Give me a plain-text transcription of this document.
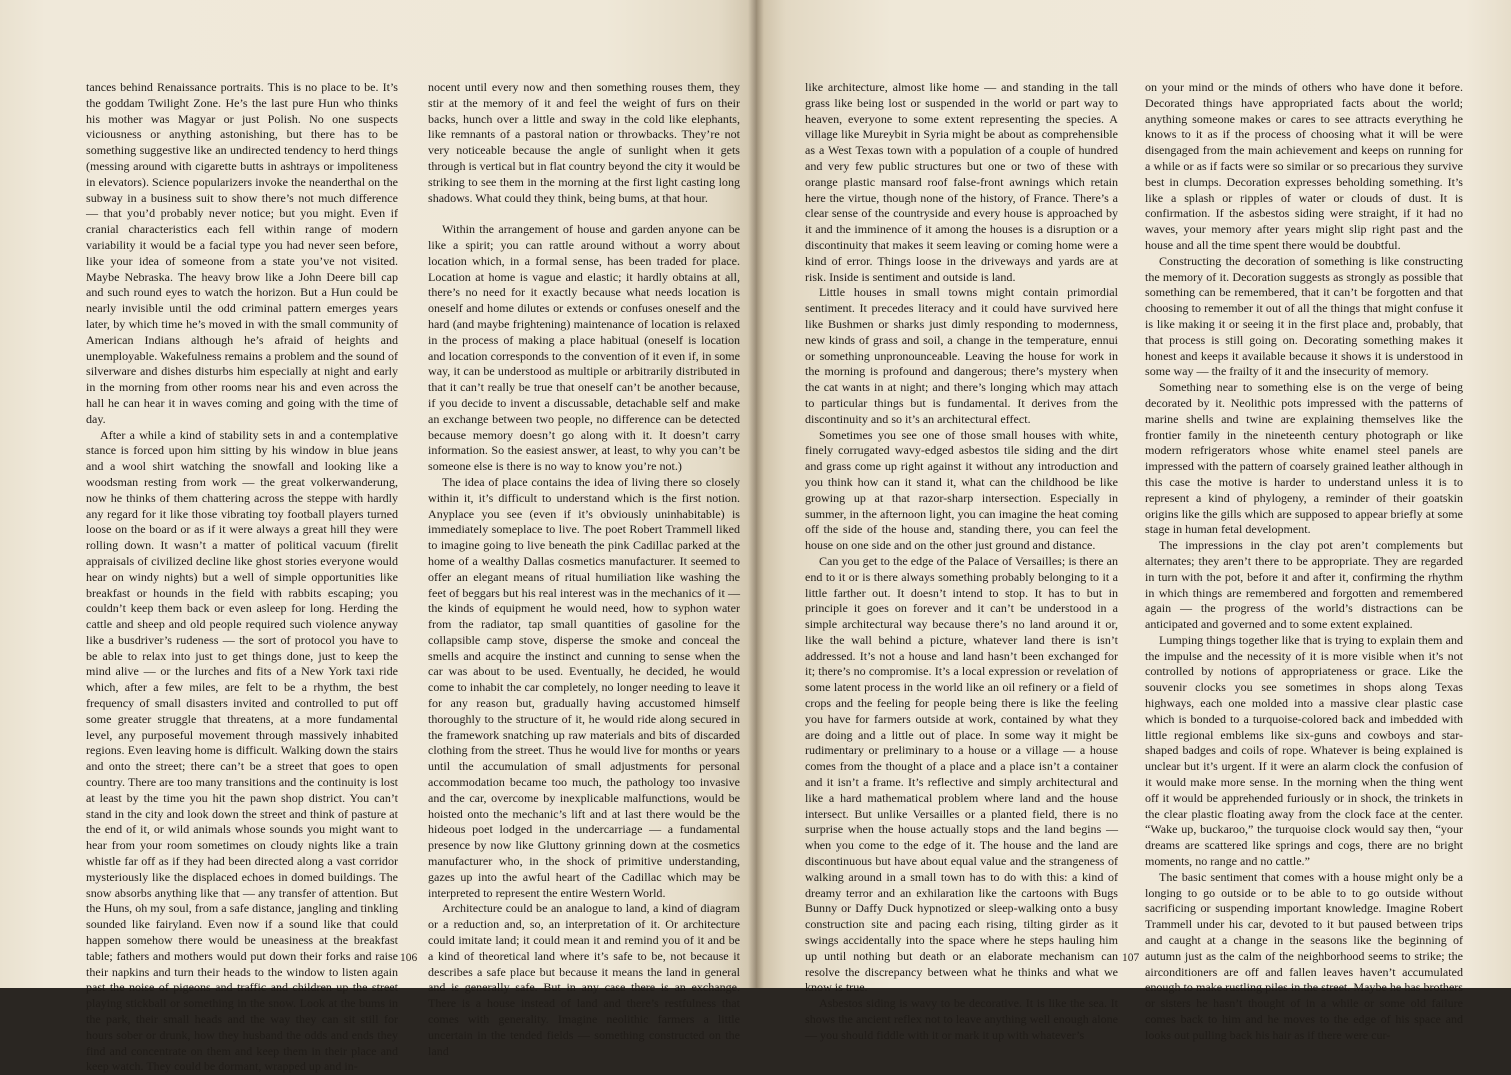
tances behind Renaissance portraits. This is no place to be. It’s the goddam Twilight Zone. He’s the last pure Hun who thinks his mother was Magyar or just Polish. No one suspects viciousness or anything astonishing, but there has to be something suggestive like an undirected tendency to herd things (messing around with cigarette butts in ashtrays or impoliteness in elevators). Science popularizers invoke the neanderthal on the subway in a business suit to show there’s not much difference — that you’d probably never notice; but you might. Even if cranial characteristics each fell within range of modern variability it would be a facial type you had never seen before, like your idea of someone from a state you’ve not visited. Maybe Nebraska. The heavy brow like a John Deere bill cap and such round eyes to watch the horizon. But a Hun could be nearly invisible until the odd criminal pattern emerges years later, by which time he’s moved in with the small community of American Indians although he’s afraid of heights and unemployable. Wakefulness remains a problem and the sound of silverware and dishes disturbs him especially at night and early in the morning from other rooms near his and even across the hall he can hear it in waves coming and going with the time of day.

After a while a kind of stability sets in and a contemplative stance is forced upon him sitting by his window in blue jeans and a wool shirt watching the snowfall and looking like a woodsman resting from work — the great volkerwanderung, now he thinks of them chattering across the steppe with hardly any regard for it like those vibrating toy football players turned loose on the board or as if it were always a great hill they were rolling down. It wasn’t a matter of political vacuum (firelit appraisals of civilized decline like ghost stories everyone would hear on windy nights) but a well of simple opportunities like breakfast or hounds in the field with rabbits escaping; you couldn’t keep them back or even asleep for long. Herding the cattle and sheep and old people required such violence anyway like a busdriver’s rudeness — the sort of protocol you have to be able to relax into just to get things done, just to keep the mind alive — or the lurches and fits of a New York taxi ride which, after a few miles, are felt to be a rhythm, the best frequency of small disasters invited and controlled to put off some greater struggle that threatens, at a more fundamental level, any purposeful movement through massively inhabited regions. Even leaving home is difficult. Walking down the stairs and onto the street; there can’t be a street that goes to open country. There are too many transitions and the continuity is lost at least by the time you hit the pawn shop district. You can’t stand in the city and look down the street and think of pasture at the end of it, or wild animals whose sounds you might want to hear from your room sometimes on cloudy nights like a train whistle far off as if they had been directed along a vast corridor mysteriously like the displaced echoes in domed buildings. The snow absorbs anything like that — any transfer of attention. But the Huns, oh my soul, from a safe distance, jangling and tinkling sounded like fairyland. Even now if a sound like that could happen somehow there would be uneasiness at the breakfast table; fathers and mothers would put down their forks and raise their napkins and turn their heads to the window to listen again past the noise of pigeons and traffic and children up the street playing stickball or something in the snow. Look at the bums in the park, their small heads and the way they can sit still for hours sober or drunk, how they husband the odds and ends they find and concentrate on them and keep them in their place and keep watch. They could be dormant, wrapped up and in-

nocent until every now and then something rouses them, they stir at the memory of it and feel the weight of furs on their backs, hunch over a little and sway in the cold like elephants, like remnants of a pastoral nation or throwbacks. They’re not very noticeable because the angle of sunlight when it gets through is vertical but in flat country beyond the city it would be striking to see them in the morning at the first light casting long shadows. What could they think, being bums, at that hour.

Within the arrangement of house and garden anyone can be like a spirit; you can rattle around without a worry about location which, in a formal sense, has been traded for place. Location at home is vague and elastic; it hardly obtains at all, there’s no need for it exactly because what needs location is oneself and home dilutes or extends or confuses oneself and the hard (and maybe frightening) maintenance of location is relaxed in the process of making a place habitual (oneself is location and location corresponds to the convention of it even if, in some way, it can be understood as multiple or arbitrarily distributed in that it can’t really be true that oneself can’t be another because, if you decide to invent a discussable, detachable self and make an exchange between two people, no difference can be detected because memory doesn’t go along with it. It doesn’t carry information. So the easiest answer, at least, to why you can’t be someone else is there is no way to know you’re not.)

The idea of place contains the idea of living there so closely within it, it’s difficult to understand which is the first notion. Anyplace you see (even if it’s obviously uninhabitable) is immediately someplace to live. The poet Robert Trammell liked to imagine going to live beneath the pink Cadillac parked at the home of a wealthy Dallas cosmetics manufacturer. It seemed to offer an elegant means of ritual humiliation like washing the feet of beggars but his real interest was in the mechanics of it — the kinds of equipment he would need, how to syphon water from the radiator, tap small quantities of gasoline for the collapsible camp stove, disperse the smoke and conceal the smells and acquire the instinct and cunning to sense when the car was about to be used. Eventually, he decided, he would come to inhabit the car completely, no longer needing to leave it for any reason but, gradually having accustomed himself thoroughly to the structure of it, he would ride along secured in the framework snatching up raw materials and bits of discarded clothing from the street. Thus he would live for months or years until the accumulation of small adjustments for personal accommodation became too much, the pathology too invasive and the car, overcome by inexplicable malfunctions, would be hoisted onto the mechanic’s lift and at last there would be the hideous poet lodged in the undercarriage — a fundamental presence by now like Gluttony grinning down at the cosmetics manufacturer who, in the shock of primitive understanding, gazes up into the awful heart of the Cadillac which may be interpreted to represent the entire Western World.

Architecture could be an analogue to land, a kind of diagram or a reduction and, so, an interpretation of it. Or architecture could imitate land; it could mean it and remind you of it and be a kind of theoretical land where it’s safe to be, not because it describes a safe place but because it means the land in general and is generally safe. But in any case there is an exchange. There is a house instead of land and there’s restfulness that comes with generality. Imagine neolithic farmers a little uncertain in the tended fields — something constructed on the land

106

like architecture, almost like home — and standing in the tall grass like being lost or suspended in the world or part way to heaven, everyone to some extent representing the species. A village like Mureybit in Syria might be about as comprehensible as a West Texas town with a population of a couple of hundred and very few public structures but one or two of these with orange plastic mansard roof false-front awnings which retain here the virtue, though none of the history, of France. There’s a clear sense of the countryside and every house is approached by it and the imminence of it among the houses is a disruption or a discontinuity that makes it seem leaving or coming home were a kind of error. Things loose in the driveways and yards are at risk. Inside is sentiment and outside is land.

Little houses in small towns might contain primordial sentiment. It precedes literacy and it could have survived here like Bushmen or sharks just dimly responding to modernness, new kinds of grass and soil, a change in the temperature, ennui or something unpronounceable. Leaving the house for work in the morning is profound and dangerous; there’s mystery when the cat wants in at night; and there’s longing which may attach to particular things but is fundamental. It derives from the discontinuity and so it’s an architectural effect.

Sometimes you see one of those small houses with white, finely corrugated wavy-edged asbestos tile siding and the dirt and grass come up right against it without any introduction and you think how can it stand it, what can the childhood be like growing up at that razor-sharp intersection. Especially in summer, in the afternoon light, you can imagine the heat coming off the side of the house and, standing there, you can feel the house on one side and on the other just ground and distance.

Can you get to the edge of the Palace of Versailles; is there an end to it or is there always something probably belonging to it a little farther out. It doesn’t intend to stop. It has to but in principle it goes on forever and it can’t be understood in a simple architectural way because there’s no land around it or, like the wall behind a picture, whatever land there is isn’t addressed. It’s not a house and land hasn’t been exchanged for it; there’s no compromise. It’s a local expression or revelation of some latent process in the world like an oil refinery or a field of crops and the feeling for people being there is like the feeling you have for farmers outside at work, contained by what they are doing and a little out of place. In some way it might be rudimentary or preliminary to a house or a village — a house comes from the thought of a place and a place isn’t a container and it isn’t a frame. It’s reflective and simply architectural and like a hard mathematical problem where land and the house intersect. But unlike Versailles or a planted field, there is no surprise when the house actually stops and the land begins — when you come to the edge of it. The house and the land are discontinuous but have about equal value and the strangeness of walking around in a small town has to do with this: a kind of dreamy terror and an exhilaration like the cartoons with Bugs Bunny or Daffy Duck hypnotized or sleep-walking onto a busy construction site and pacing each rising, tilting girder as it swings accidentally into the space where he steps hauling him up until nothing but death or an elaborate mechanism can resolve the discrepancy between what he thinks and what we know is true.

Asbestos siding is wavy to be decorative. It is like the sea. It shows the ancient reflex not to leave anything well enough alone — you should fiddle with it or mark it up with whatever’s

on your mind or the minds of others who have done it before. Decorated things have appropriated facts about the world; anything someone makes or cares to see attracts everything he knows to it as if the process of choosing what it will be were disengaged from the main achievement and keeps on running for a while or as if facts were so similar or so precarious they survive best in clumps. Decoration expresses beholding something. It’s like a splash or ripples of water or clouds of dust. It is confirmation. If the asbestos siding were straight, if it had no waves, your memory after years might slip right past and the house and all the time spent there would be doubtful.

Constructing the decoration of something is like constructing the memory of it. Decoration suggests as strongly as possible that something can be remembered, that it can’t be forgotten and that choosing to remember it out of all the things that might confuse it is like making it or seeing it in the first place and, probably, that that process is still going on. Decorating something makes it honest and keeps it available because it shows it is understood in some way — the frailty of it and the insecurity of memory.

Something near to something else is on the verge of being decorated by it. Neolithic pots impressed with the patterns of marine shells and twine are explaining themselves like the frontier family in the nineteenth century photograph or like modern refrigerators whose white enamel steel panels are impressed with the pattern of coarsely grained leather although in this case the motive is harder to understand unless it is to represent a kind of phylogeny, a reminder of their goatskin origins like the gills which are supposed to appear briefly at some stage in human fetal development.

The impressions in the clay pot aren’t complements but alternates; they aren’t there to be appropriate. They are regarded in turn with the pot, before it and after it, confirming the rhythm in which things are remembered and forgotten and remembered again — the progress of the world’s distractions can be anticipated and governed and to some extent explained.

Lumping things together like that is trying to explain them and the impulse and the necessity of it is more visible when it’s not controlled by notions of appropriateness or grace. Like the souvenir clocks you see sometimes in shops along Texas highways, each one molded into a massive clear plastic case which is bonded to a turquoise-colored back and imbedded with little regional emblems like six-guns and cowboys and star-shaped badges and coils of rope. Whatever is being explained is unclear but it’s urgent. If it were an alarm clock the confusion of it would make more sense. In the morning when the thing went off it would be apprehended furiously or in shock, the trinkets in the clear plastic floating away from the clock face at the center. “Wake up, buckaroo,” the turquoise clock would say then, “your dreams are scattered like springs and cogs, there are no bright moments, no range and no cattle.”

The basic sentiment that comes with a house might only be a longing to go outside or to be able to to go outside without sacrificing or suspending important knowledge. Imagine Robert Trammell under his car, devoted to it but paused between trips and caught at a change in the seasons like the beginning of autumn just as the calm of the neighborhood seems to strike; the airconditioners are off and fallen leaves haven’t accumulated enough to make rustling piles in the street. Maybe he has brothers or sisters he hasn’t thought of in a while or some old failure comes back to him and he moves to the edge of his space and looks out pulling back his hair as if there were cur-

107
